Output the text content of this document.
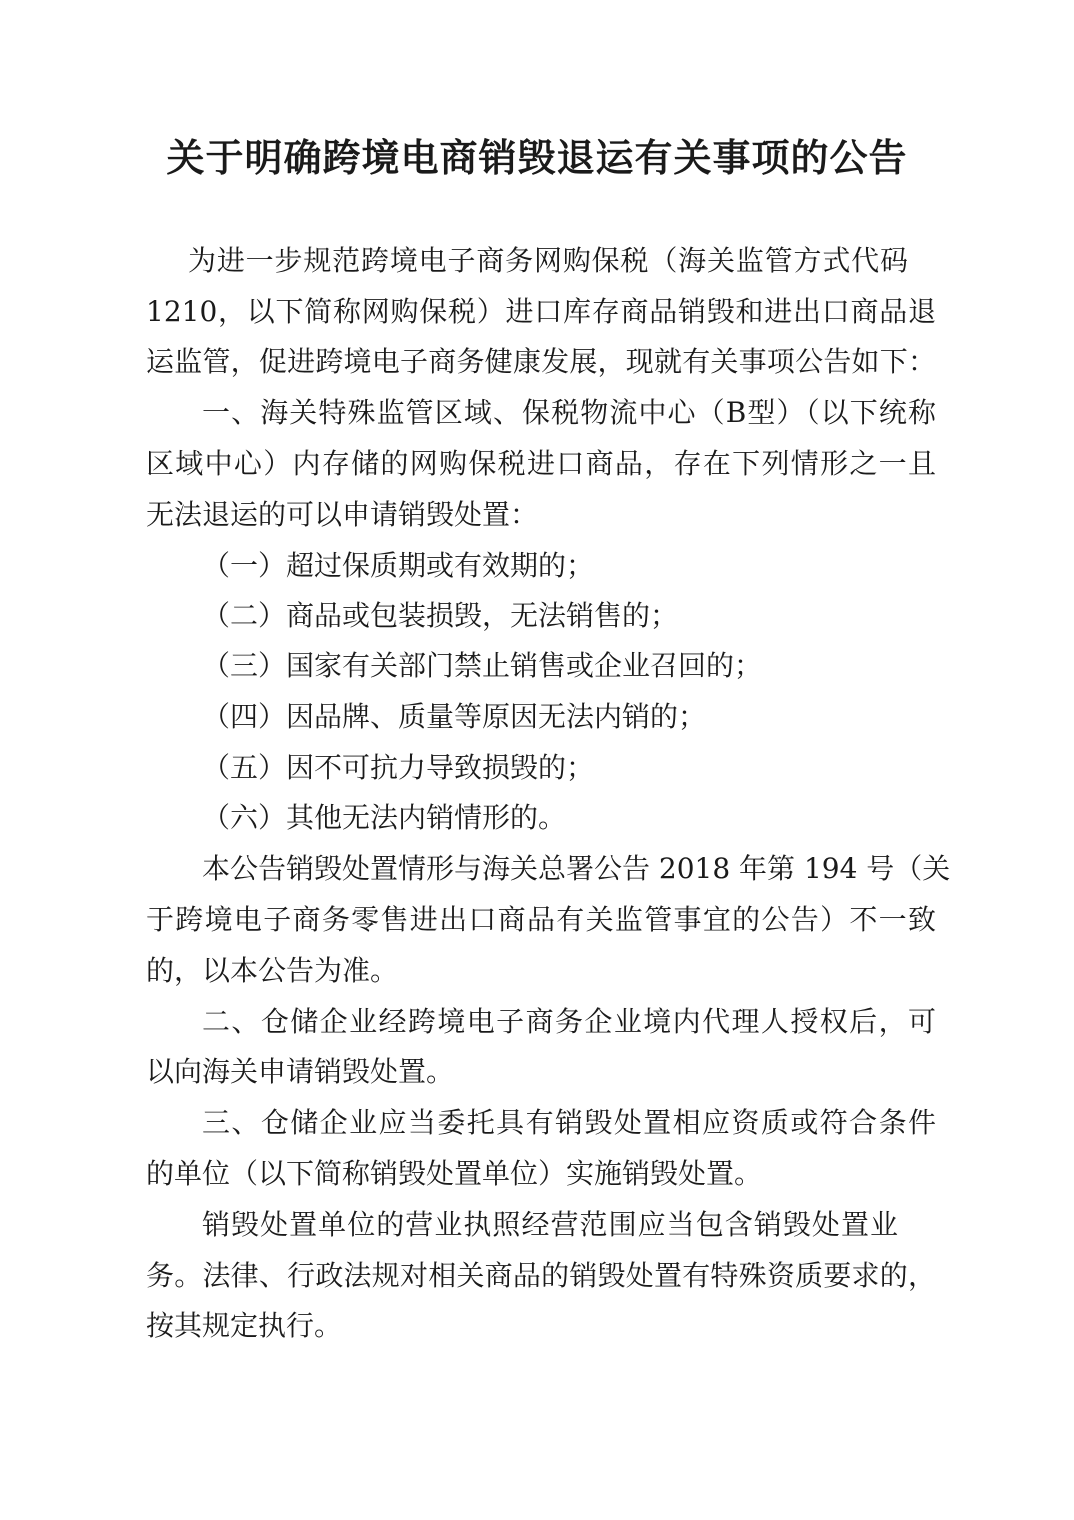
关于明确跨境电商销毁退运有关事项的公告
为进一步规范跨境电子商务网购保税（海关监管方式代码
1210，以下简称网购保税）进口库存商品销毁和进出口商品退
运监管，促进跨境电子商务健康发展，现就有关事项公告如下：
一、海关特殊监管区域、保税物流中心（B型）（以下统称
区域中心）内存储的网购保税进口商品，存在下列情形之一且
无法退运的可以申请销毁处置：
（一）超过保质期或有效期的；
（二）商品或包装损毁，无法销售的；
（三）国家有关部门禁止销售或企业召回的；
（四）因品牌、质量等原因无法内销的；
（五）因不可抗力导致损毁的；
（六）其他无法内销情形的。
本公告销毁处置情形与海关总署公告 2018 年第 194 号（关
于跨境电子商务零售进出口商品有关监管事宜的公告）不一致
的，以本公告为准。
二、仓储企业经跨境电子商务企业境内代理人授权后，可
以向海关申请销毁处置。
三、仓储企业应当委托具有销毁处置相应资质或符合条件
的单位（以下简称销毁处置单位）实施销毁处置。
销毁处置单位的营业执照经营范围应当包含销毁处置业
务。法律、行政法规对相关商品的销毁处置有特殊资质要求的，
按其规定执行。
